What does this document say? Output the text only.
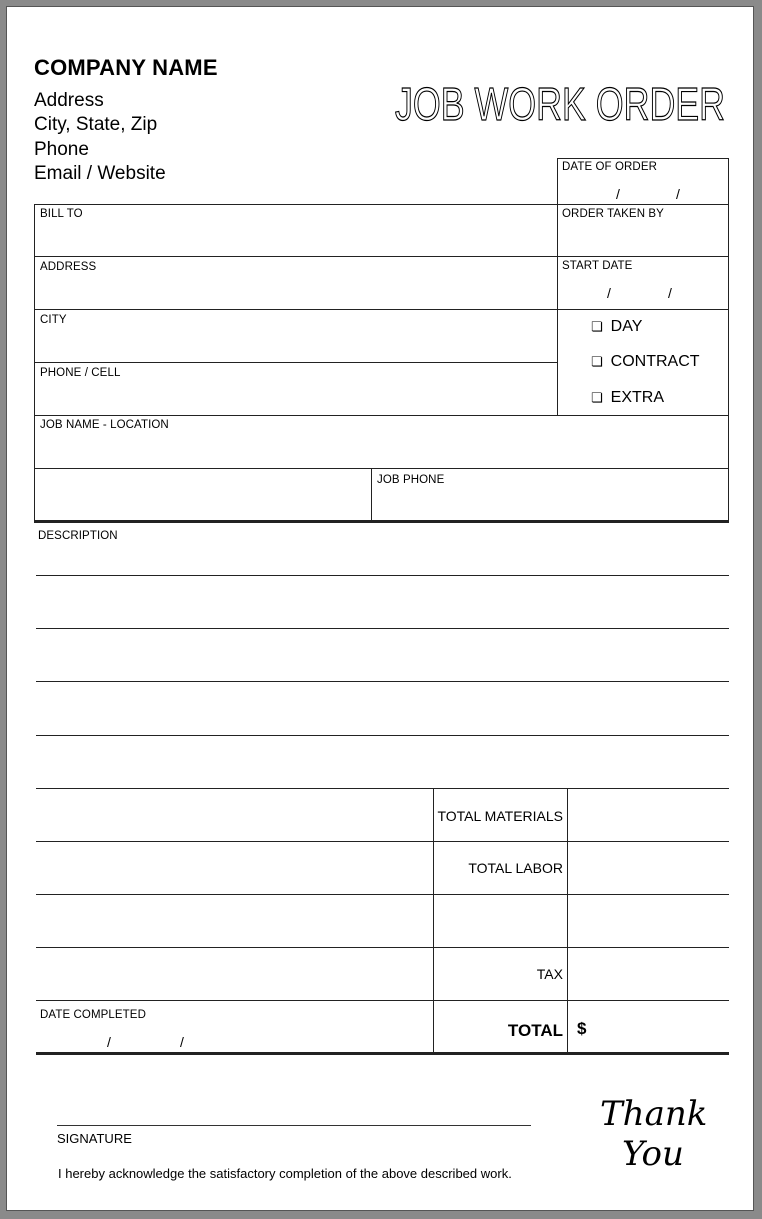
COMPANY NAME
Address
City, State, Zip
Phone
Email / Website
JOB WORK ORDER
DATE OF ORDER
/	/
BILL TO	ORDER TAKEN BY
ADDRESS	START DATE
/	/
CITY
PHONE / CELL
JOB NAME - LOCATION
JOB PHONE
❏ DAY
❏ CONTRACT
❏ EXTRA
DESCRIPTION
TOTAL MATERIALS
TOTAL LABOR
TAX
TOTAL $
DATE COMPLETED
/	/
SIGNATURE
I hereby acknowledge the satisfactory completion of the above described work.
Thank
You
